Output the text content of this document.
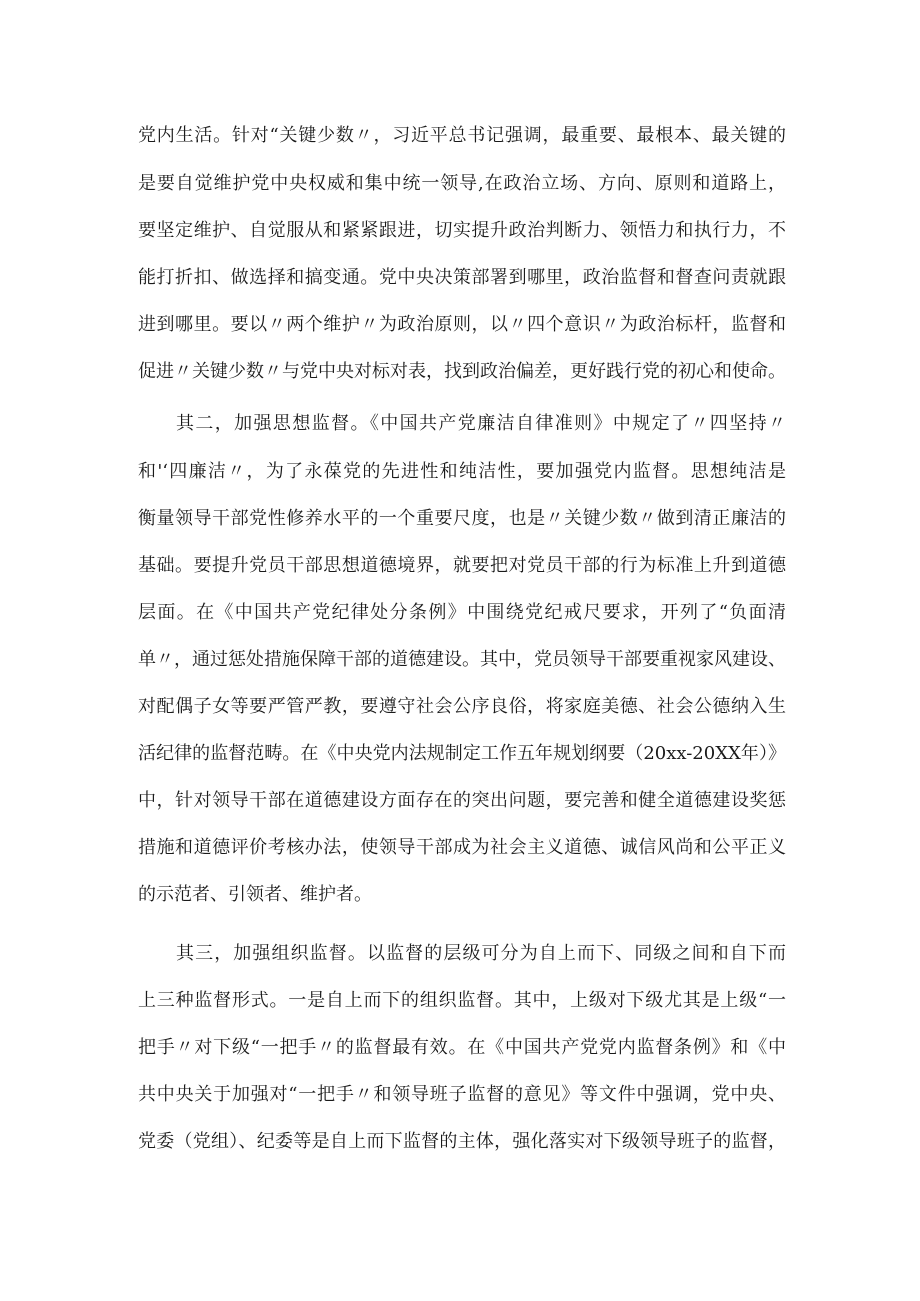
党内生活。针对“关键少数〃，习近平总书记强调，最重要、最根本、最关键的
是要自觉维护党中央权威和集中统一领导,在政治立场、方向、原则和道路上，
要坚定维护、自觉服从和紧紧跟进，切实提升政治判断力、领悟力和执行力，不
能打折扣、做选择和搞变通。党中央决策部署到哪里，政治监督和督查问责就跟
进到哪里。要以〃两个维护〃为政治原则，以〃四个意识〃为政治标杆，监督和
促进〃关键少数〃与党中央对标对表，找到政治偏差，更好践行党的初心和使命。
其二，加强思想监督。《中国共产党廉洁自律准则》中规定了〃四坚持〃
和'‘四廉洁〃，为了永葆党的先进性和纯洁性，要加强党内监督。思想纯洁是
衡量领导干部党性修养水平的一个重要尺度，也是〃关键少数〃做到清正廉洁的
基础。要提升党员干部思想道德境界，就要把对党员干部的行为标准上升到道德
层面。在《中国共产党纪律处分条例》中围绕党纪戒尺要求，开列了“负面清
单〃，通过惩处措施保障干部的道德建设。其中，党员领导干部要重视家风建设、
对配偶子女等要严管严教，要遵守社会公序良俗，将家庭美德、社会公德纳入生
活纪律的监督范畴。在《中央党内法规制定工作五年规划纲要（20xx-20XX年）》
中，针对领导干部在道德建设方面存在的突出问题，要完善和健全道德建设奖惩
措施和道德评价考核办法，使领导干部成为社会主义道德、诚信风尚和公平正义
的示范者、引领者、维护者。
其三，加强组织监督。以监督的层级可分为自上而下、同级之间和自下而
上三种监督形式。一是自上而下的组织监督。其中，上级对下级尤其是上级“一
把手〃对下级“一把手〃的监督最有效。在《中国共产党党内监督条例》和《中
共中央关于加强对“一把手〃和领导班子监督的意见》等文件中强调，党中央、
党委（党组）、纪委等是自上而下监督的主体，强化落实对下级领导班子的监督，
